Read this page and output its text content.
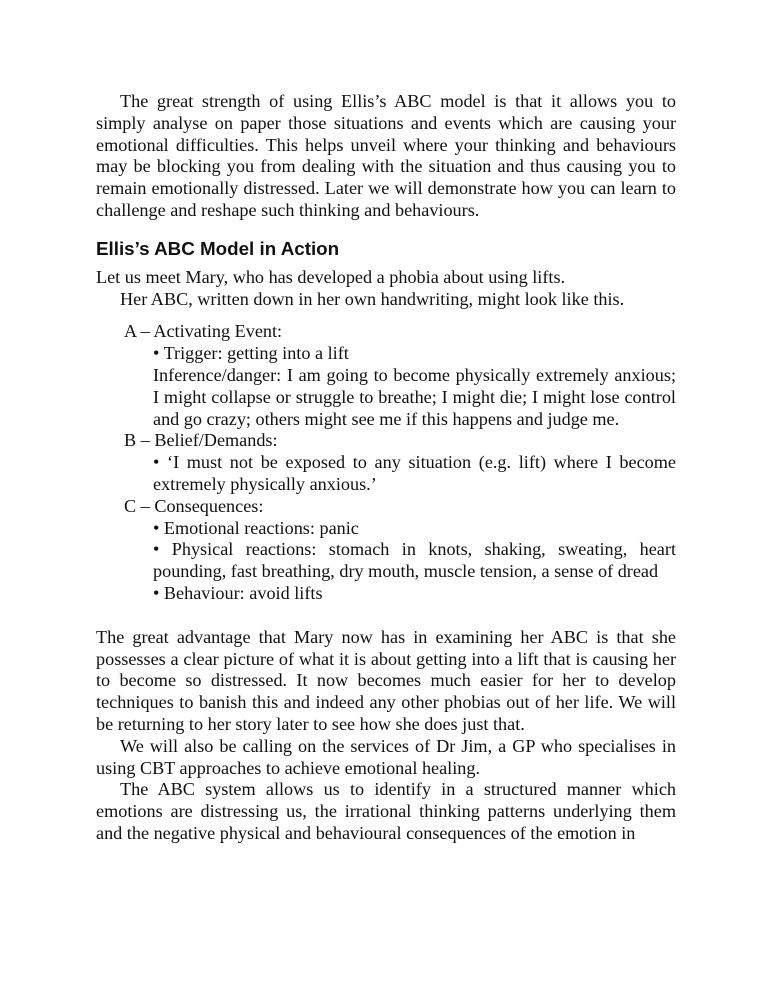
The great strength of using Ellis’s ABC model is that it allows you to simply analyse on paper those situations and events which are causing your emotional difficulties. This helps unveil where your thinking and behaviours may be blocking you from dealing with the situation and thus causing you to remain emotionally distressed. Later we will demonstrate how you can learn to challenge and reshape such thinking and behaviours.

Ellis’s ABC Model in Action

Let us meet Mary, who has developed a phobia about using lifts.

Her ABC, written down in her own handwriting, might look like this.

A – Activating Event:
• Trigger: getting into a lift
Inference/danger: I am going to become physically extremely anxious; I might collapse or struggle to breathe; I might die; I might lose control and go crazy; others might see me if this happens and judge me.
B – Belief/Demands:
• ‘I must not be exposed to any situation (e.g. lift) where I become extremely physically anxious.’
C – Consequences:
• Emotional reactions: panic
• Physical reactions: stomach in knots, shaking, sweating, heart pounding, fast breathing, dry mouth, muscle tension, a sense of dread
• Behaviour: avoid lifts

The great advantage that Mary now has in examining her ABC is that she possesses a clear picture of what it is about getting into a lift that is causing her to become so distressed. It now becomes much easier for her to develop techniques to banish this and indeed any other phobias out of her life. We will be returning to her story later to see how she does just that.

We will also be calling on the services of Dr Jim, a GP who specialises in using CBT approaches to achieve emotional healing.

The ABC system allows us to identify in a structured manner which emotions are distressing us, the irrational thinking patterns underlying them and the negative physical and behavioural consequences of the emotion in
